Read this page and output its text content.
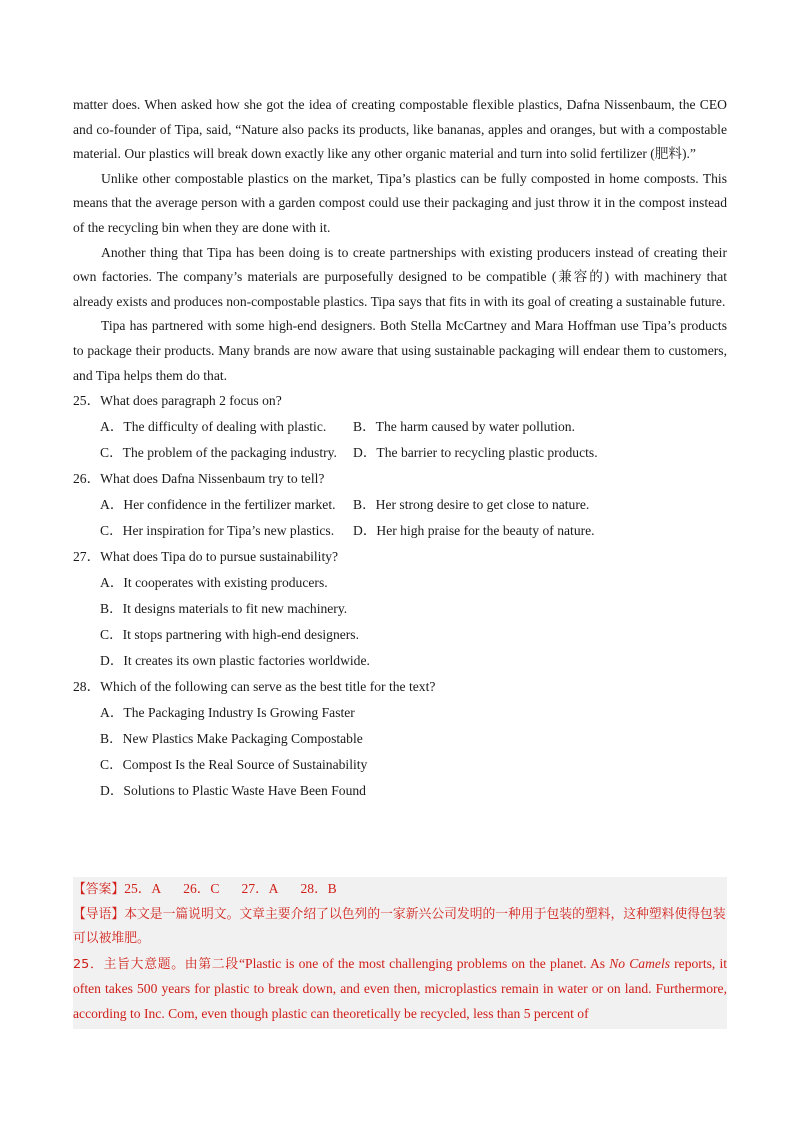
matter does. When asked how she got the idea of creating compostable flexible plastics, Dafna Nissenbaum, the CEO and co-founder of Tipa, said, “Nature also packs its products, like bananas, apples and oranges, but with a compostable material. Our plastics will break down exactly like any other organic material and turn into solid fertilizer (肥料).”

Unlike other compostable plastics on the market, Tipa’s plastics can be fully composted in home composts. This means that the average person with a garden compost could use their packaging and just throw it in the compost instead of the recycling bin when they are done with it.

Another thing that Tipa has been doing is to create partnerships with existing producers instead of creating their own factories. The company’s materials are purposefully designed to be compatible (兼容的) with machinery that already exists and produces non-compostable plastics. Tipa says that fits in with its goal of creating a sustainable future.

Tipa has partnered with some high-end designers. Both Stella McCartney and Mara Hoffman use Tipa’s products to package their products. Many brands are now aware that using sustainable packaging will endear them to customers, and Tipa helps them do that.

25．What does paragraph 2 focus on?

A．The difficulty of dealing with plastic.	B．The harm caused by water pollution.

C．The problem of the packaging industry.	D．The barrier to recycling plastic products.

26．What does Dafna Nissenbaum try to tell?

A．Her confidence in the fertilizer market.	B．Her strong desire to get close to nature.

C．Her inspiration for Tipa’s new plastics.	D．Her high praise for the beauty of nature.

27．What does Tipa do to pursue sustainability?

A．It cooperates with existing producers.

B．It designs materials to fit new machinery.

C．It stops partnering with high-end designers.

D．It creates its own plastic factories worldwide.

28．Which of the following can serve as the best title for the text?

A．The Packaging Industry Is Growing Faster

B．New Plastics Make Packaging Compostable

C．Compost Is the Real Source of Sustainability

D．Solutions to Plastic Waste Have Been Found

【答案】25．A 26．C 27．A 28．B

【导语】本文是一篇说明文。文章主要介绍了以色列的一家新兴公司发明的一种用于包装的塑料，这种塑料使得包装可以被堆肥。

25．主旨大意题。由第二段“Plastic is one of the most challenging problems on the planet. As No Camels reports, it often takes 500 years for plastic to break down, and even then, microplastics remain in water or on land. Furthermore, according to Inc. Com, even though plastic can theoretically be recycled, less than 5 percent of
